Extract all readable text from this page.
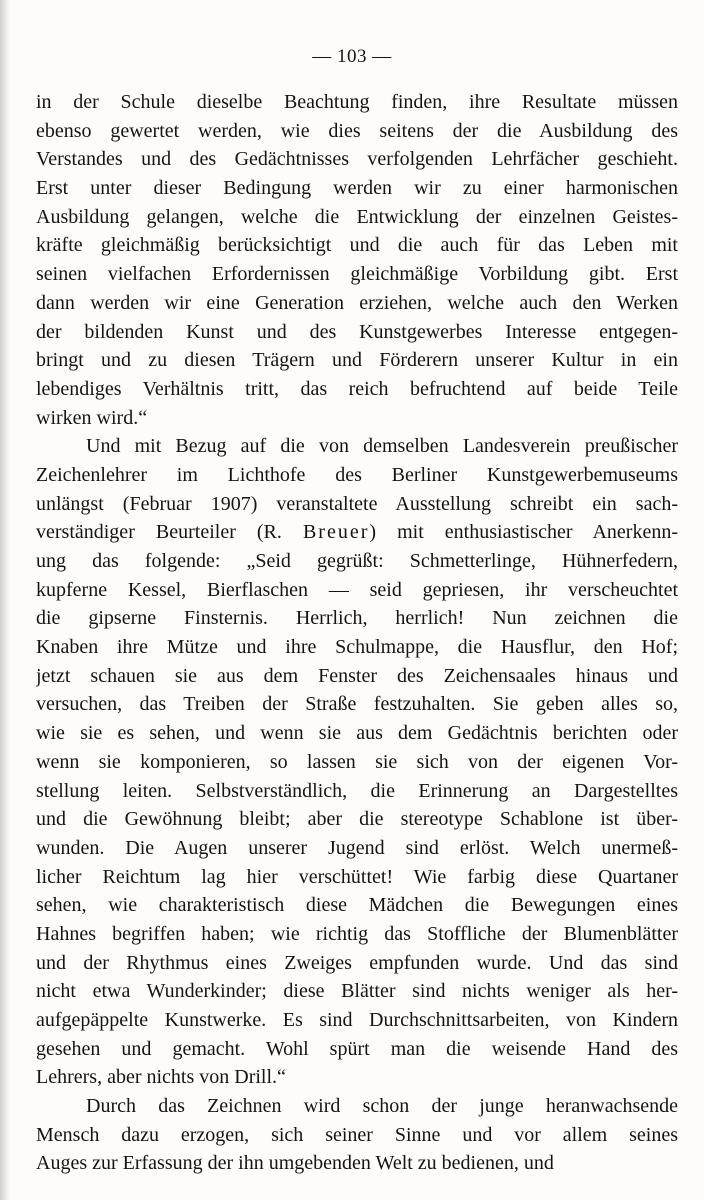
— 103 —
in der Schule dieselbe Beachtung finden, ihre Resultate müssen
ebenso gewertet werden, wie dies seitens der die Ausbildung des
Verstandes und des Gedächtnisses verfolgenden Lehrfächer geschieht.
Erst unter dieser Bedingung werden wir zu einer harmonischen
Ausbildung gelangen, welche die Entwicklung der einzelnen Geistes-
kräfte gleichmäßig berücksichtigt und die auch für das Leben mit
seinen vielfachen Erfordernissen gleichmäßige Vorbildung gibt. Erst
dann werden wir eine Generation erziehen, welche auch den Werken
der bildenden Kunst und des Kunstgewerbes Interesse entgegen-
bringt und zu diesen Trägern und Förderern unserer Kultur in ein
lebendiges Verhältnis tritt, das reich befruchtend auf beide Teile
wirken wird.“
Und mit Bezug auf die von demselben Landesverein preußischer
Zeichenlehrer im Lichthofe des Berliner Kunstgewerbemuseums
unlängst (Februar 1907) veranstaltete Ausstellung schreibt ein sach-
verständiger Beurteiler (R. Breuer) mit enthusiastischer Anerkenn-
ung das folgende: „Seid gegrüßt: Schmetterlinge, Hühnerfedern,
kupferne Kessel, Bierflaschen — seid gepriesen, ihr verscheuchtet
die gipserne Finsternis. Herrlich, herrlich! Nun zeichnen die
Knaben ihre Mütze und ihre Schulmappe, die Hausflur, den Hof;
jetzt schauen sie aus dem Fenster des Zeichensaales hinaus und
versuchen, das Treiben der Straße festzuhalten. Sie geben alles so,
wie sie es sehen, und wenn sie aus dem Gedächtnis berichten oder
wenn sie komponieren, so lassen sie sich von der eigenen Vor-
stellung leiten. Selbstverständlich, die Erinnerung an Dargestelltes
und die Gewöhnung bleibt; aber die stereotype Schablone ist über-
wunden. Die Augen unserer Jugend sind erlöst. Welch unermeß-
licher Reichtum lag hier verschüttet! Wie farbig diese Quartaner
sehen, wie charakteristisch diese Mädchen die Bewegungen eines
Hahnes begriffen haben; wie richtig das Stoffliche der Blumenblätter
und der Rhythmus eines Zweiges empfunden wurde. Und das sind
nicht etwa Wunderkinder; diese Blätter sind nichts weniger als her-
aufgepäppelte Kunstwerke. Es sind Durchschnittsarbeiten, von Kindern
gesehen und gemacht. Wohl spürt man die weisende Hand des
Lehrers, aber nichts von Drill.“
Durch das Zeichnen wird schon der junge heranwachsende
Mensch dazu erzogen, sich seiner Sinne und vor allem seines
Auges zur Erfassung der ihn umgebenden Welt zu bedienen, und
